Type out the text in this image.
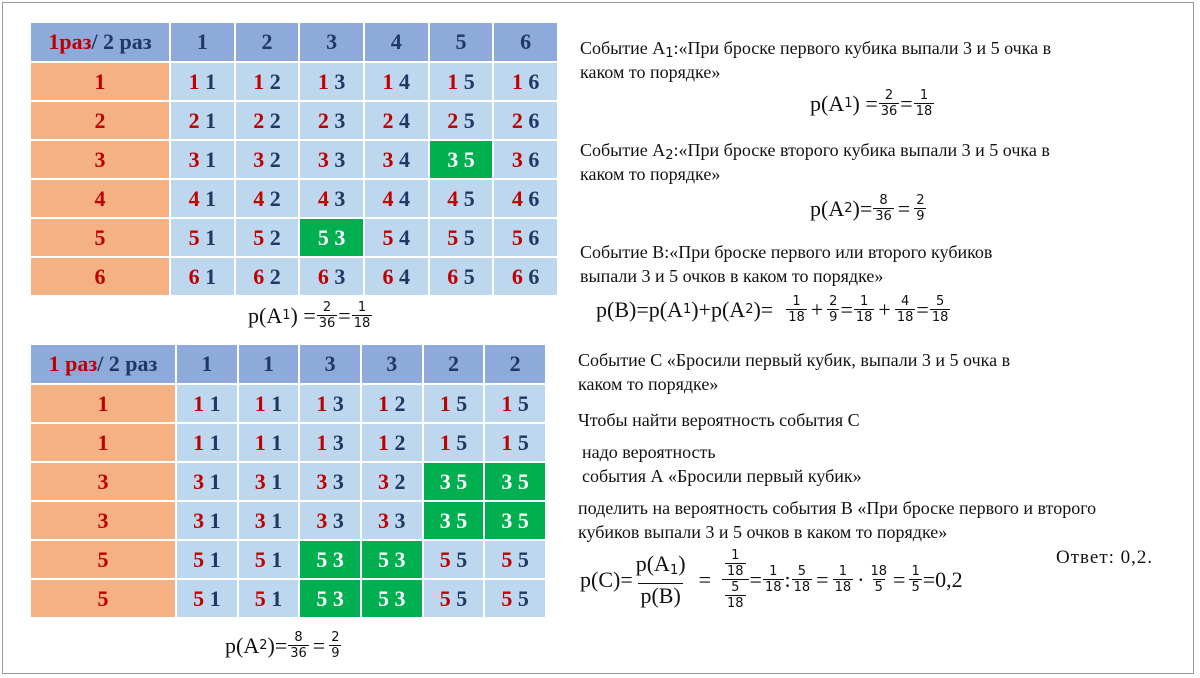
1раз/ 2 раз	1	2	3	4	5	6
1	1 1	1 2	1 3	1 4	1 5	1 6
2	2 1	2 2	2 3	2 4	2 5	2 6
3	3 1	3 2	3 3	3 4	3 5	3 6
4	4 1	4 2	4 3	4 4	4 5	4 6
5	5 1	5 2	5 3	5 4	5 5	5 6
6	6 1	6 2	6 3	6 4	6 5	6 6
p(A 1 ) = $\frac{2}{36} = \frac{1}{18}$
1 раз/ 2 раз	1	1	3	3	2	2
1	1 1	1 1	1 3	1 2	1 5	1 5
1	1 1	1 1	1 3	1 2	1 5	1 5
3	3 1	3 1	3 3	3 2	3 5	3 5
3	3 1	3 1	3 3	3 3	3 5	3 5
5	5 1	5 1	5 3	5 3	5 5	5 5
5	5 1	5 1	5 3	5 3	5 5	5 5
p(A 2 )= $\frac{8}{36} = \frac{2}{9}$
Событие $A_1:«При$ броске первого кубика выпали 3 и 5 очка в
каком то порядке»
p(A 1 ) = $\frac{2}{36} = \frac{1}{18}$
Событие $A_2:«При$ броске второго кубика выпали 3 и 5 очка в
каком то порядке»
p(A 2 )= $\frac{8}{36} = \frac{2}{9}$
Событие В:«При броске первого или второго кубиков
выпали 3 и 5 очков в каком то порядке»
p(B)=p(A 1 )+p(A 2 )= 1
$18 + \frac{2}{9} = \frac{1}{18} + \frac{4}{18} = \frac{5}{18}$
Событие С «Бросили первый кубик, выпали 3 и 5 очка в
каком то порядке»
Чтобы найти вероятность события С
надо вероятность
события А «Бросили первый кубик»
поделить на вероятность события В «При броске первого и второго
кубиков выпали 3 и 5 очков в каком то порядке»
Ответ: 0,2.
$p(C)= \frac{p(A_1)}{p(B)} = \frac{\frac{1}{18}}{\frac{5}{18}} = \frac{1}{18}$ : $\frac{5}{18} = \frac{1}{18} \cdot \frac{18}{5} = \frac{1}{5} =0,2$
